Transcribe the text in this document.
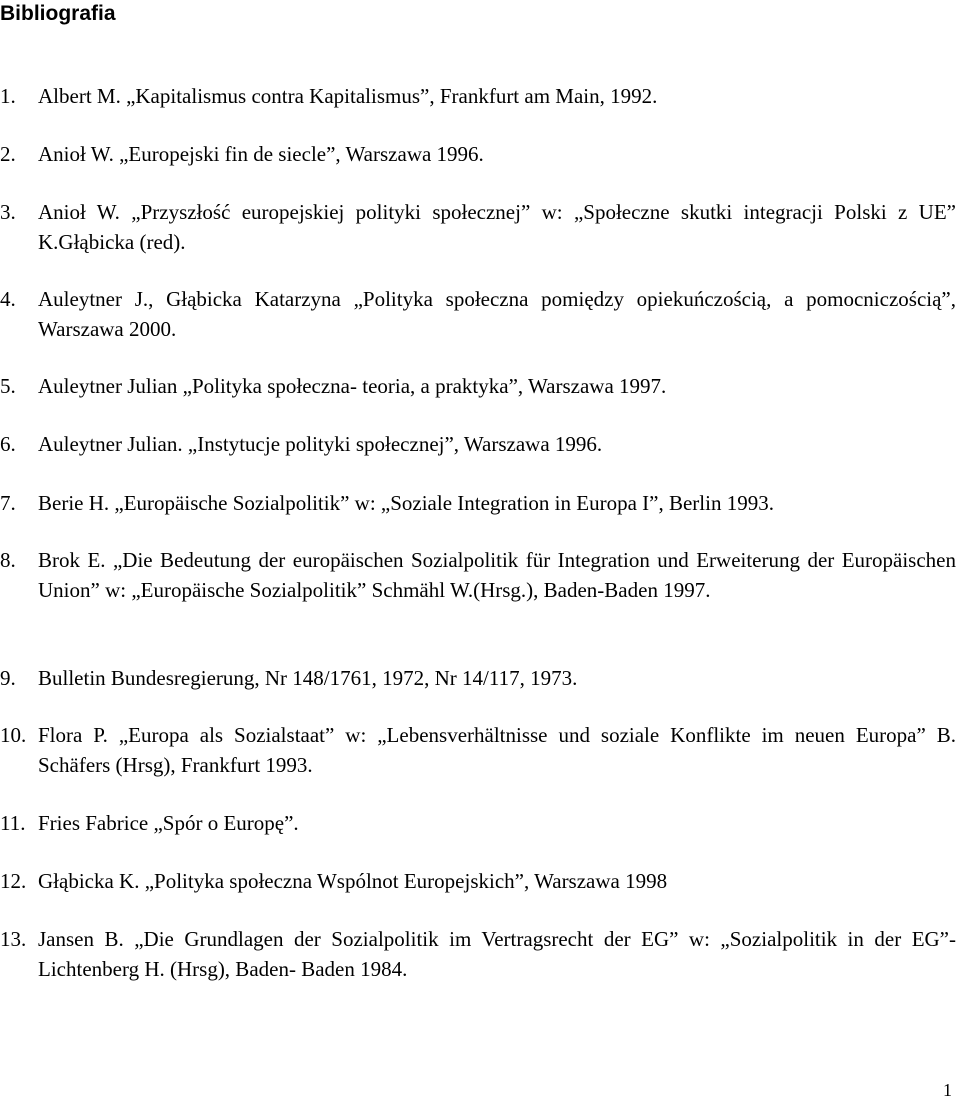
Bibliografia
1. Albert M. „Kapitalismus contra Kapitalismus”, Frankfurt am Main, 1992.
2. Anioł W. „Europejski fin de siecle”, Warszawa 1996.
3. Anioł W. „Przyszłość europejskiej polityki społecznej” w: „Społeczne skutki integracji Polski z UE” K.Głąbicka (red).
4. Auleytner J., Głąbicka Katarzyna „Polityka społeczna pomiędzy opiekuńczością, a pomocniczością”, Warszawa 2000.
5. Auleytner Julian „Polityka społeczna- teoria, a praktyka”, Warszawa 1997.
6. Auleytner Julian. „Instytucje polityki społecznej”, Warszawa 1996.
7. Berie H. „Europäische Sozialpolitik” w: „Soziale Integration in Europa I”, Berlin 1993.
8. Brok E. „Die Bedeutung der europäischen Sozialpolitik für Integration und Erweiterung der Europäischen Union” w: „Europäische Sozialpolitik” Schmähl W.(Hrsg.), Baden-Baden 1997.
9. Bulletin Bundesregierung, Nr 148/1761, 1972, Nr 14/117, 1973.
10. Flora P. „Europa als Sozialstaat” w: „Lebensverhältnisse und soziale Konflikte im neuen Europa” B. Schäfers (Hrsg), Frankfurt 1993.
11. Fries Fabrice „Spór o Europę”.
12. Głąbicka K. „Polityka społeczna Wspólnot Europejskich”, Warszawa 1998
13. Jansen B. „Die Grundlagen der Sozialpolitik im Vertragsrecht der EG” w: „Sozialpolitik in der EG”- Lichtenberg H. (Hrsg), Baden- Baden 1984.
1
